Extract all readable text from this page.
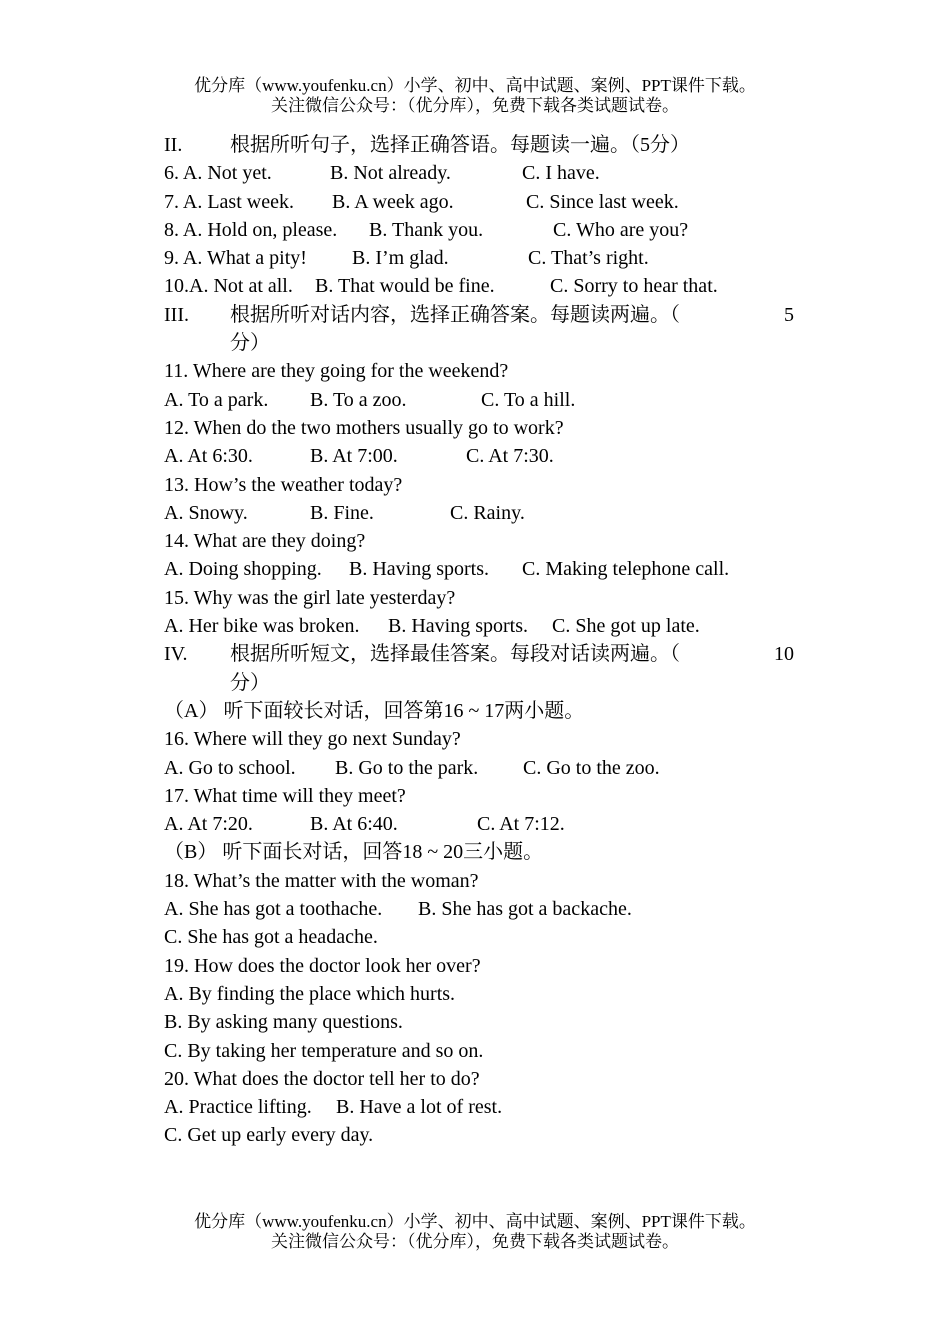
优分库（www.youfenku.cn）小学、初中、高中试题、案例、PPT课件下载。
关注微信公众号：（优分库），免费下载各类试题试卷。
II. 根据所听句子，选择正确答语。每题读一遍。（5分）
6. A. Not yet.	B. Not already.	C. I have.
7. A. Last week. B. A week ago.	C. Since last week.
8. A. Hold on, please. B. Thank you.	C. Who are you?
9. A. What a pity! B. I’m glad.	C. That’s right.
10.A. Not at all. B. That would be fine.	C. Sorry to hear that.
III. 根据所听对话内容，选择正确答案。每题读两遍。（	5
分）
11. Where are they going for the weekend?
A. To a park. B. To a zoo.	C. To a hill.
12. When do the two mothers usually go to work?
A. At 6:30.	B. At 7:00.	C. At 7:30.
13. How’s the weather today?
A. Snowy.	B. Fine.	C. Rainy.
14. What are they doing?
A. Doing shopping. B. Having sports. C. Making telephone call.
15. Why was the girl late yesterday?
A. Her bike was broken. B. Having sports. C. She got up late.
IV. 根据所听短文，选择最佳答案。每段对话读两遍。（	10
分）
（A） 听下面较长对话，回答第16 ~ 17两小题。
16. Where will they go next Sunday?
A. Go to school. B. Go to the park. C. Go to the zoo.
17. What time will they meet?
A. At 7:20.	B. At 6:40.	C. At 7:12.
（B） 听下面长对话，回答18 ~ 20三小题。
18. What’s the matter with the woman?
A. She has got a toothache. B. She has got a backache.
C. She has got a headache.
19. How does the doctor look her over?
A. By finding the place which hurts.
B. By asking many questions.
C. By taking her temperature and so on.
20. What does the doctor tell her to do?
A. Practice lifting. B. Have a lot of rest.
C. Get up early every day.
优分库（www.youfenku.cn）小学、初中、高中试题、案例、PPT课件下载。
关注微信公众号：（优分库），免费下载各类试题试卷。
